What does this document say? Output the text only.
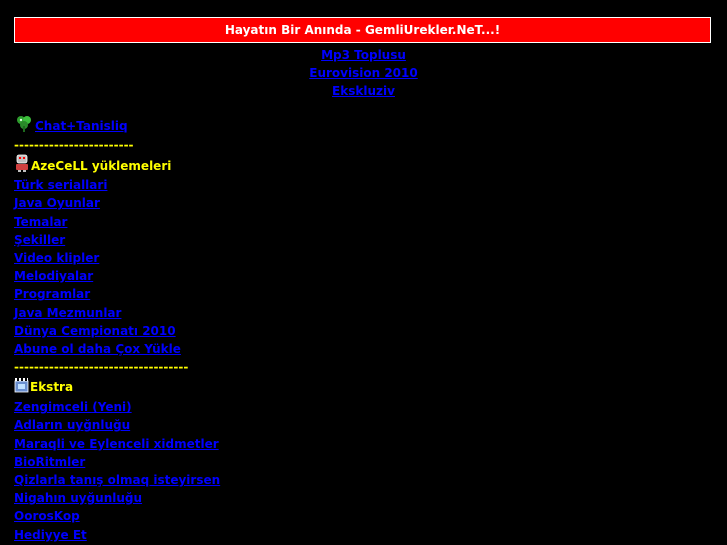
Hayatın Bir Anında - GemliUrekler.NeT...!
Mp3 Toplusu
Eurovision 2010
Ekskluziv
Chat+Tanisliq
------------------------
AzeCeLL yüklemeleri
Türk seriallari
Java Oyunlar
Temalar
Şekiller
Video klipler
Melodiyalar
Programlar
Java Mezmunlar
Dünya Cempionatı 2010
Abune ol daha Çox Yükle
-----------------------------------
Ekstra
Zengimceli (Yeni)
Adların uyğnluğu
Maraqli ve Eylenceli xidmetler
BioRitmler
Qizlarla tanış olmaq isteyirsen
Nigahın uyğunluğu
OorosKop
Hediyye Et
